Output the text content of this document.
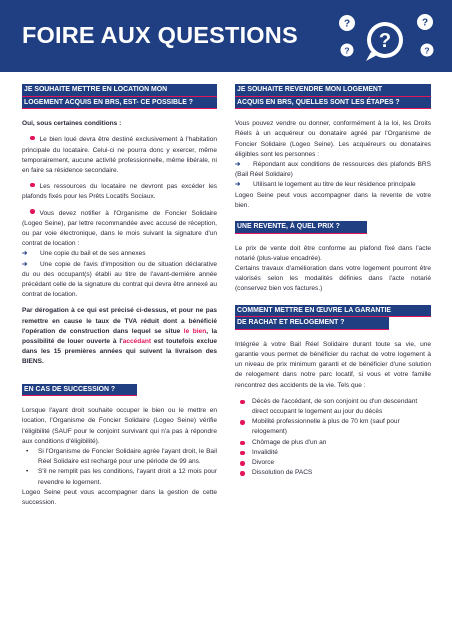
FOIRE AUX QUESTIONS	?
? ?
?
?
JE SOUHAITE METTRE EN LOCATION MON
LOGEMENT ACQUIS EN BRS, EST- CE POSSIBLE ?

Oui, sous certaines conditions :

Le bien loué devra être destiné exclusivement à l'habitation principale du locataire. Celui-ci ne pourra donc y exercer, même temporairement, aucune activité professionnelle, même libérale, ni en faire sa résidence secondaire.

Les ressources du locataire ne devront pas excéder les plafonds fixés pour les Prêts Locatifs Sociaux.

Vous devez notifier à l'Organisme de Foncier Solidaire (Logeo Seine), par lettre recommandée avec accusé de réception, ou par voie électronique, dans le mois suivant la signature d'un contrat de location :

➔ Une copie du bail et de ses annexes

➔ Une copie de l'avis d'imposition ou de situation déclarative du ou des occupant(s) établi au titre de l'avant-dernière année précédant celle de la signature du contrat qui devra être annexé au contrat de location.

Par dérogation à ce qui est précisé ci-dessus, et pour ne pas remettre en cause le taux de TVA réduit dont a bénéficié l'opération de construction dans lequel se situe le bien, la possibilité de louer ouverte à l'accédant est toutefois exclue dans les 15 premières années qui suivent la livraison des BIENS.

EN CAS DE SUCCESSION ?

Lorsque l'ayant droit souhaite occuper le bien ou le mettre en location, l'Organisme de Foncier Solidaire (Logeo Seine) vérifie l'éligibilité (SAUF pour le conjoint survivant qui n'a pas à répondre aux conditions d'éligibilité).

• Si l'Organisme de Foncier Solidaire agrée l'ayant droit, le Bail Réel Solidaire est rechargé pour une période de 99 ans.
• S'il ne remplit pas les conditions, l'ayant droit a 12 mois pour revendre le logement.

Logeo Seine peut vous accompagner dans la gestion de cette succession.

JE SOUHAITE REVENDRE MON LOGEMENT
ACQUIS EN BRS, QUELLES SONT LES ÉTAPES ?

Vous pouvez vendre ou donner, conformément à la loi, les Droits Réels à un acquéreur ou donataire agréé par l'Organisme de Foncier Solidaire (Logeo Seine). Les acquéreurs ou donataires éligibles sont les personnes :

➔ Répondant aux conditions de ressources des plafonds BRS (Bail Réel Solidaire)

➔ Utilisant le logement au titre de leur résidence principale

Logeo Seine peut vous accompagner dans la revente de votre bien.

UNE REVENTE, À QUEL PRIX ?

Le prix de vente doit être conforme au plafond fixé dans l'acte notarié (plus-value encadrée).

Certains travaux d'amélioration dans votre logement pourront être valorisés selon les modalités définies dans l'acte notarié (conservez bien vos factures.)

COMMENT METTRE EN ŒUVRE LA GARANTIE
DE RACHAT ET RELOGEMENT ?

Intégrée à votre Bail Réel Solidaire durant toute sa vie, une garantie vous permet de bénéficier du rachat de votre logement à un niveau de prix minimum garanti et de bénéficier d'une solution de relogement dans notre parc locatif, si vous et votre famille rencontrez des accidents de la vie. Tels que :

Décès de l'accédant, de son conjoint ou d'un descendant direct occupant le logement au jour du décès
Mobilité professionnelle à plus de 70 km (sauf pour relogement)
Chômage de plus d'un an
Invalidité
Divorce
Dissolution de PACS
